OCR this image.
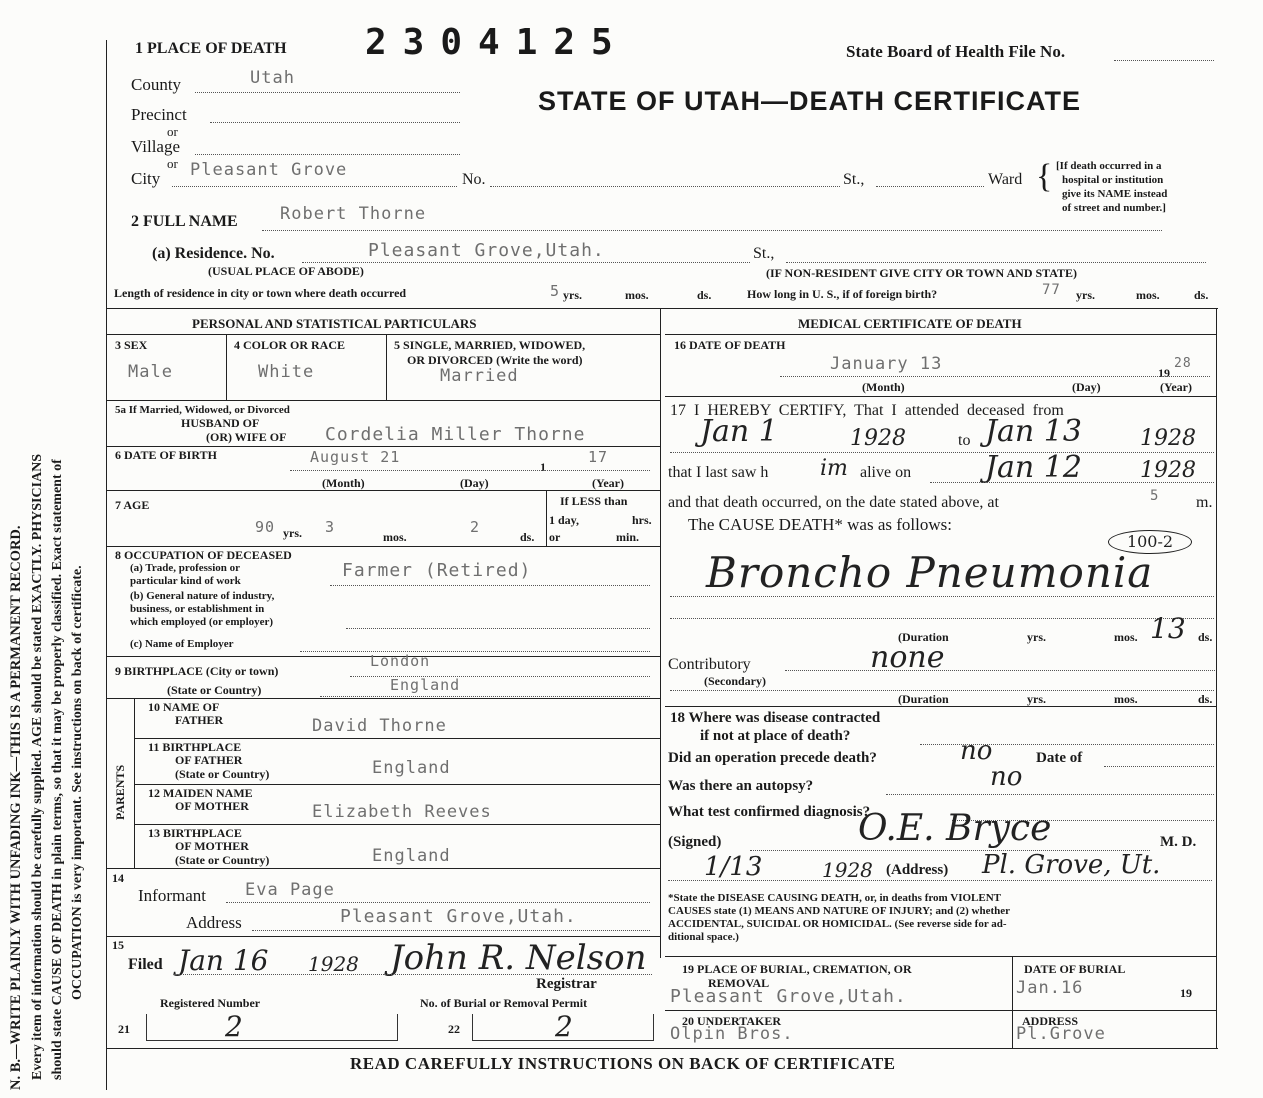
N. B.—WRITE PLAINLY WITH UNFADING INK—THIS IS A PERMANENT RECORD. Every item of information should be carefully supplied. AGE should be stated EXACTLY. PHYSICIANS should state CAUSE OF DEATH in plain terms, so that it may be properly classified. Exact statement of OCCUPATION is very important. See instructions on back of certificate.
1 PLACE OF DEATH 2304125	State Board of Health File No.
STATE OF UTAH—DEATH CERTIFICATE
County	Utah
Precinct
or
Village
or
City Pleasant Grove	No.	St.,	Ward { [If death occurred in a
hospital or institution
give its NAME instead
of street and number.]
2 FULL NAME Robert Thorne
(a) Residence. No.	Pleasant Grove,Utah.	St.,
(USUAL PLACE OF ABODE)	(IF NON-RESIDENT GIVE CITY OR TOWN AND STATE)
Length of residence in city or town where death occurred	5 yrs.	mos.	ds.	How long in U. S., if of foreign birth?	77 yrs.	mos.	ds.
PERSONAL AND STATISTICAL PARTICULARS
3 SEX
Male
4 COLOR OR RACE
White
5 SINGLE, MARRIED, WIDOWED,
OR DIVORCED (Write the word)
Married
5a If Married, Widowed, or Divorced
HUSBAND OF
(OR) WIFE OF Cordelia Miller Thorne
6 DATE OF BIRTH	August 21
1
17
(Month)	(Day)	(Year)
7 AGE
90 yrs. 3
mos.
2
ds.
If LESS than
1 day,	hrs.
or	min.
8 OCCUPATION OF DECEASED
(a) Trade, profession or
particular kind of work	Farmer (Retired)
(b) General nature of industry,
business, or establishment in
which employed (or employer)
(c) Name of Employer
9 BIRTHPLACE (City or town)
London
(State or Country)	England
PARENTS
10 NAME OF
FATHER	David Thorne
11 BIRTHPLACE
OF FATHER
(State or Country)	England
12 MAIDEN NAME
OF MOTHER	Elizabeth Reeves
13 BIRTHPLACE
OF MOTHER
(State or Country)	England
14
Informant Eva Page
Address	Pleasant Grove,Utah.
15
Filed Jan 16 1928 John R. Nelson
Registrar
Registered Number	No. of Burial or Removal Permit
21	2	22	2
MEDICAL CERTIFICATE OF DEATH
16 DATE OF DEATH
January 13	19
28
(Month)	(Day)	(Year)
17 I HEREBY CERTIFY, That I attended deceased from
Jan 1	1928	to Jan 13	1928
that I last saw h im alive on Jan 12	1928
and that death occurred, on the date stated above, at	5 m.
The CAUSE DEATH* was as follows:
100-2
Broncho Pneumonia
(Duration	yrs.	mos. 13 ds.
Contributory
(Secondary)
none
(Duration	yrs.	mos.	ds.
18 Where was disease contracted
if not at place of death?
Did an operation precede death?	no	Date of
Was there an autopsy?	no
What test confirmed diagnosis?
(Signed)	O.E. Bryce	M. D.
1/13	1928 (Address) Pl. Grove, Ut.
*State the DISEASE CAUSING DEATH, or, in deaths from VIOLENT
CAUSES state (1) MEANS AND NATURE OF INJURY; and (2) whether
ACCIDENTAL, SUICIDAL OR HOMICIDAL. (See reverse side for ad-
ditional space.)
19 PLACE OF BURIAL, CREMATION, OR
REMOVAL
Pleasant Grove,Utah.
DATE OF BURIAL
Jan.16	19
20 UNDERTAKER
Olpin Bros.
ADDRESS
Pl.Grove
READ CAREFULLY INSTRUCTIONS ON BACK OF CERTIFICATE
